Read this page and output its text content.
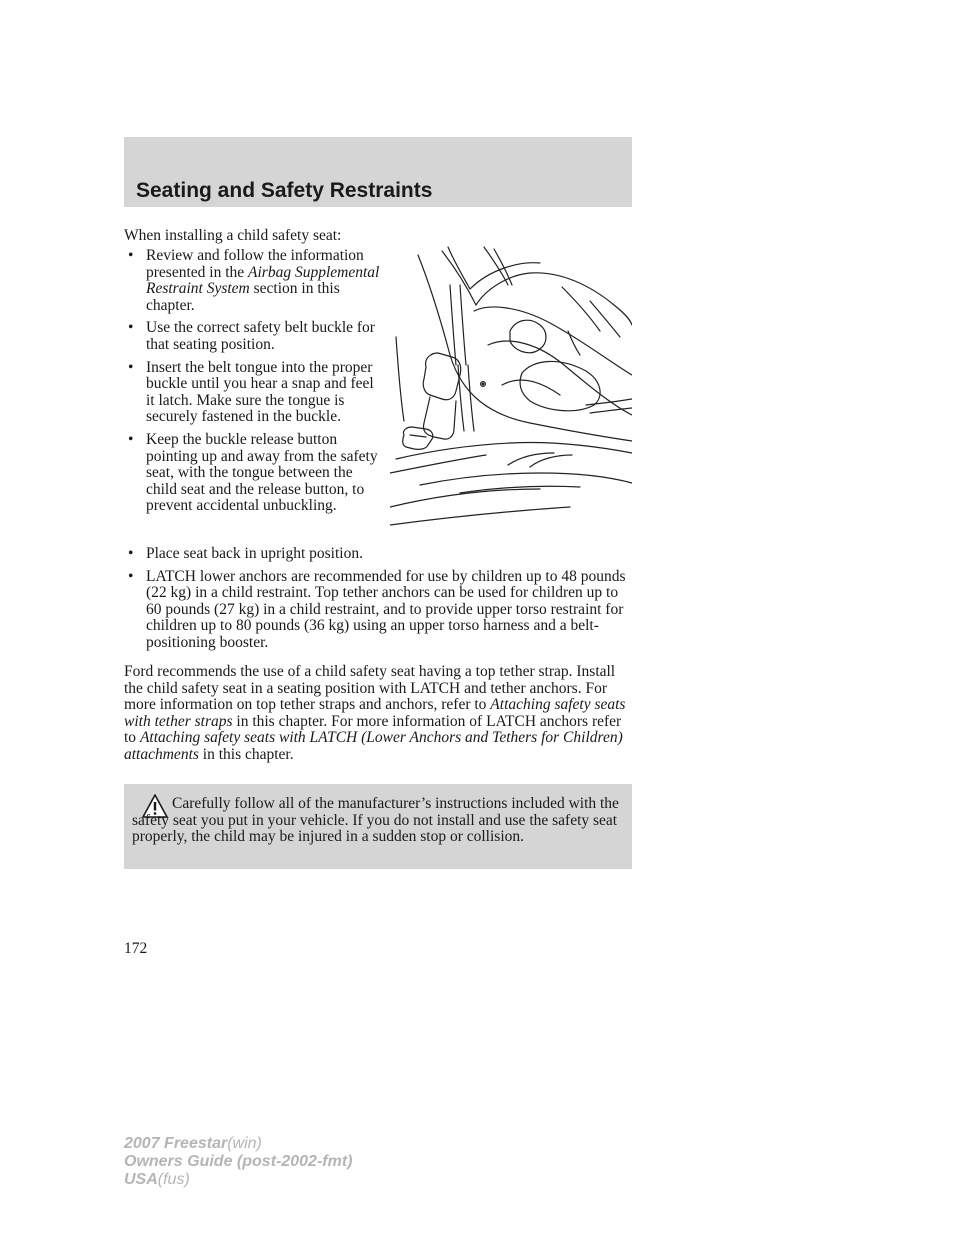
Seating and Safety Restraints
When installing a child safety seat:
• Review and follow the information presented in the Airbag Supplemental Restraint System section in this chapter.
• Use the correct safety belt buckle for that seating position.
• Insert the belt tongue into the proper buckle until you hear a snap and feel it latch. Make sure the tongue is securely fastened in the buckle.
• Keep the buckle release button pointing up and away from the safety seat, with the tongue between the child seat and the release button, to prevent accidental unbuckling.
• Place seat back in upright position.
• LATCH lower anchors are recommended for use by children up to 48 pounds (22 kg) in a child restraint. Top tether anchors can be used for children up to 60 pounds (27 kg) in a child restraint, and to provide upper torso restraint for children up to 80 pounds (36 kg) using an upper torso harness and a belt-positioning booster.

Ford recommends the use of a child safety seat having a top tether strap. Install the child safety seat in a seating position with LATCH and tether anchors. For more information on top tether straps and anchors, refer to Attaching safety seats with tether straps in this chapter. For more information of LATCH anchors refer to Attaching safety seats with LATCH (Lower Anchors and Tethers for Children) attachments in this chapter.

Carefully follow all of the manufacturer’s instructions included with the safety seat you put in your vehicle. If you do not install and use the safety seat properly, the child may be injured in a sudden stop or collision.

172
2007 Freestar(win)
Owners Guide (post-2002-fmt)
USA(fus)
